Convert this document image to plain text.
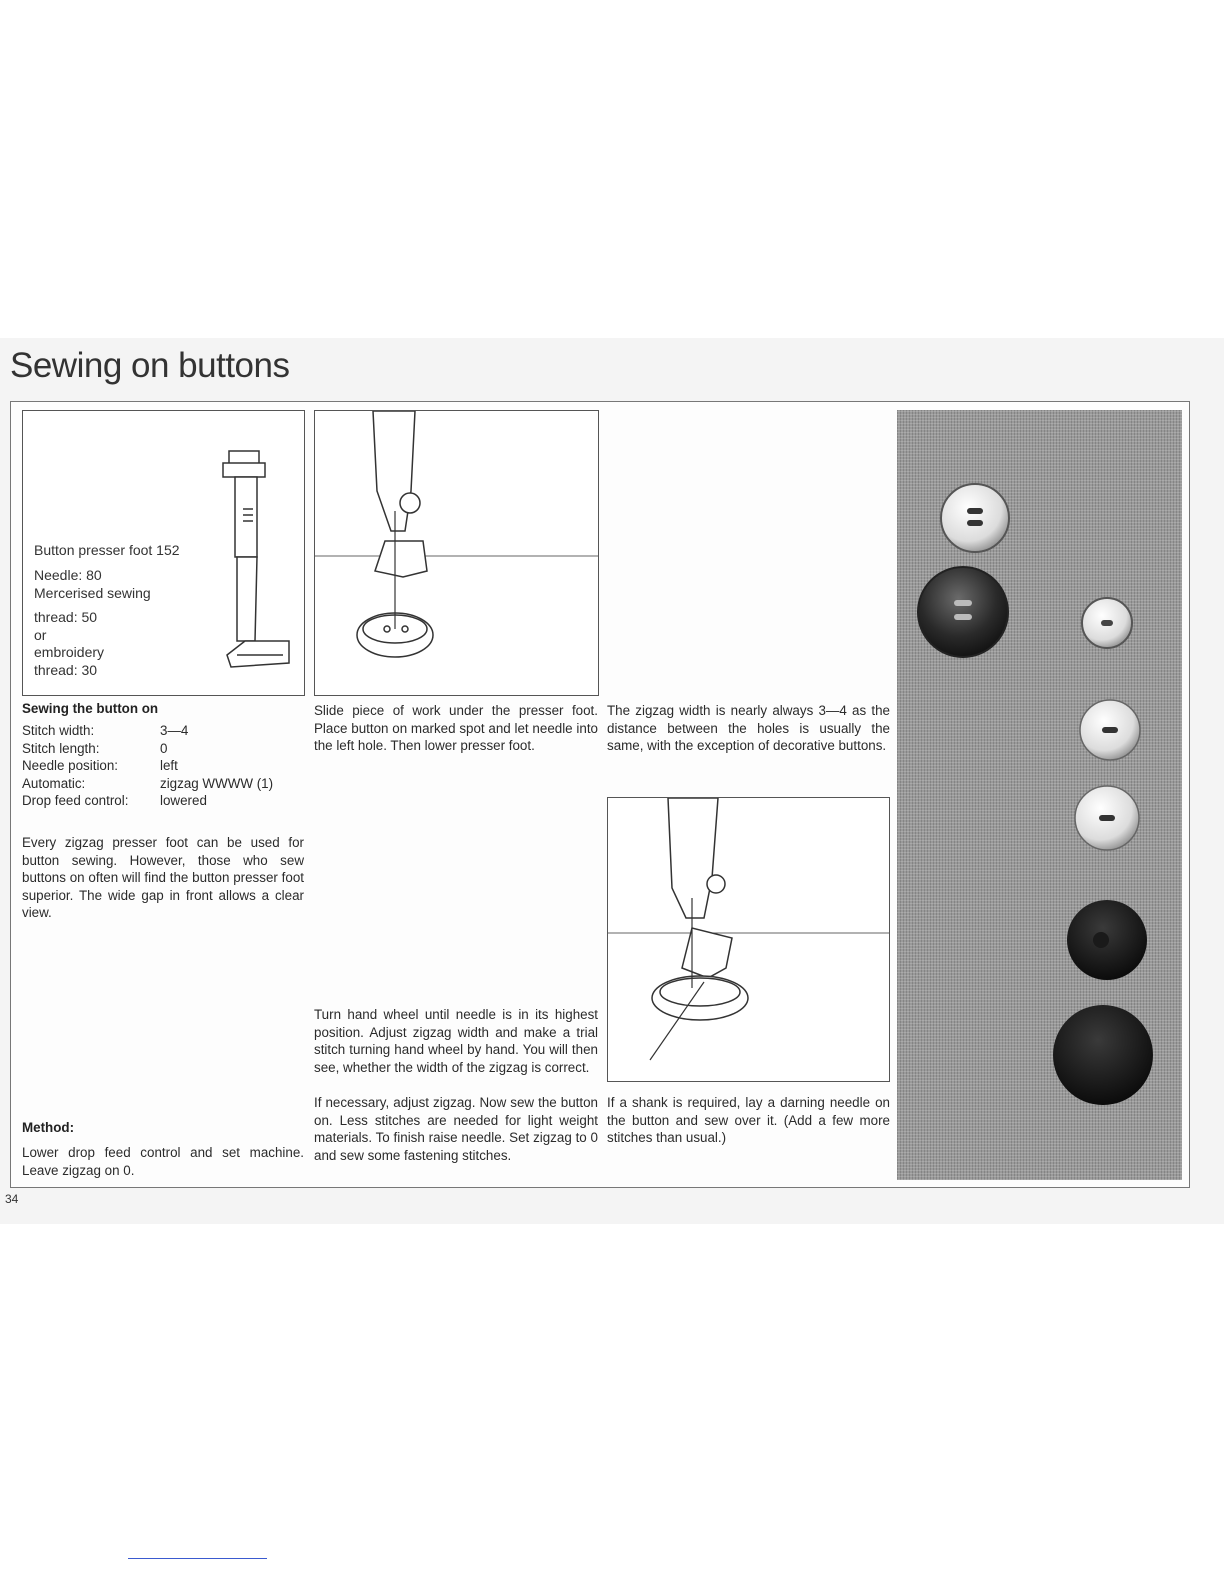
Sewing on buttons
Button presser foot 152
Needle: 80
Mercerised sewing
thread: 50
or
embroidery
thread: 30
Sewing the button on
Stitch width:	3—4
Stitch length:	0
Needle position:	left
Automatic:	zigzag WWWW (1)
Drop feed control:	lowered
Every zigzag presser foot can be used for button sewing. However, those who sew buttons on often will find the button presser foot superior. The wide gap in front allows a clear view.
Method:
Lower drop feed control and set machine. Leave zigzag on 0.
Slide piece of work under the presser foot. Place button on marked spot and let needle into the left hole. Then lower presser foot.
Turn hand wheel until needle is in its highest position. Adjust zigzag width and make a trial stitch turning hand wheel by hand. You will then see, whether the width of the zigzag is correct.
If necessary, adjust zigzag. Now sew the button on. Less stitches are needed for light weight materials. To finish raise needle. Set zigzag to 0 and sew some fastening stitches.
The zigzag width is nearly always 3—4 as the distance between the holes is usually the same, with the exception of decorative buttons.
If a shank is required, lay a darning needle on the button and sew over it. (Add a few more stitches than usual.)
34
